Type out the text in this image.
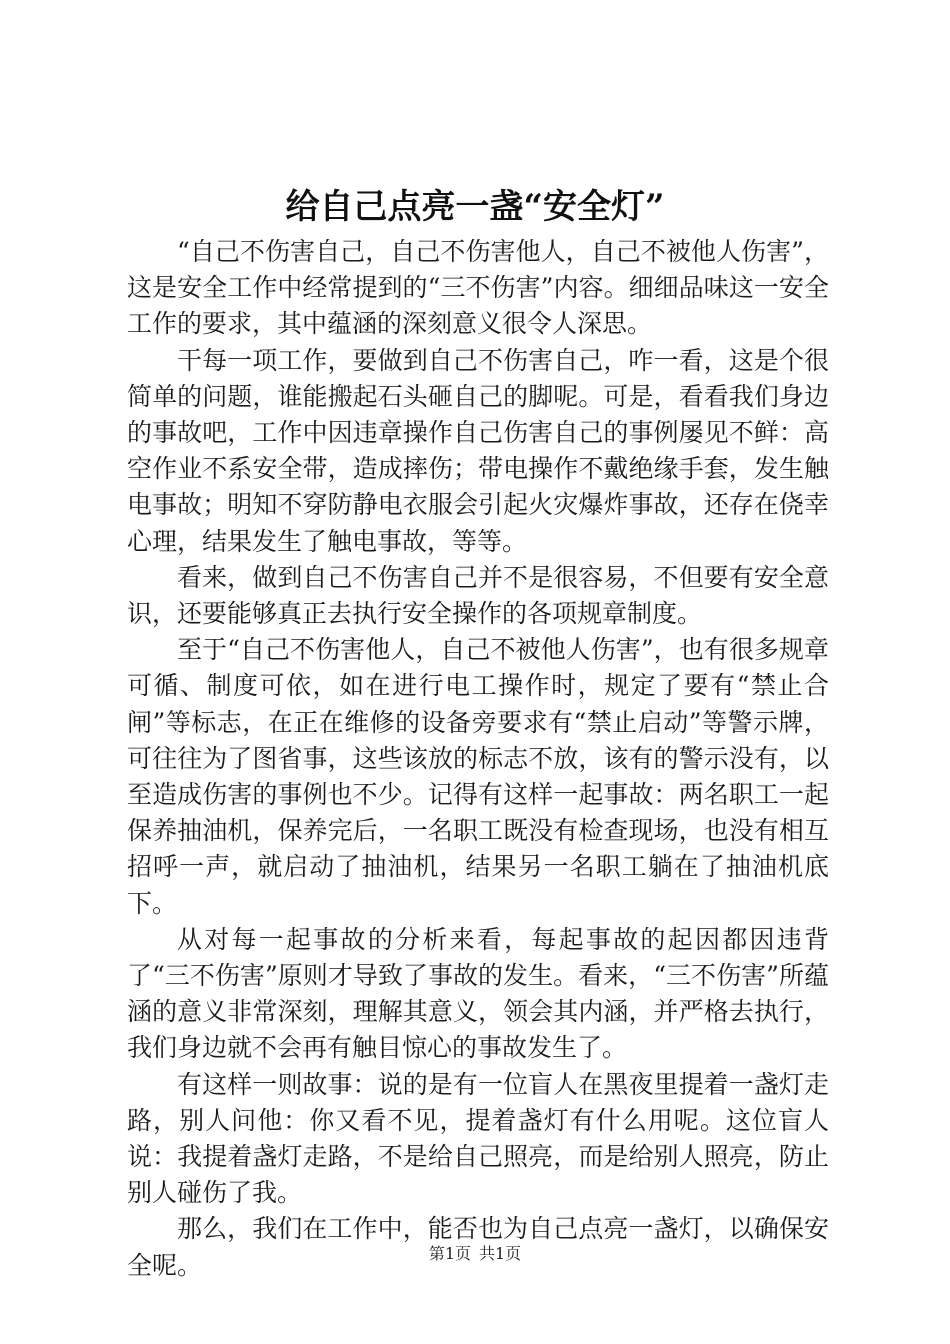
给自己点亮一盏“安全灯”

“自己不伤害自己，自己不伤害他人，自己不被他人伤害”，这是安全工作中经常提到的“三不伤害”内容。细细品味这一安全工作的要求，其中蕴涵的深刻意义很令人深思。

干每一项工作，要做到自己不伤害自己，咋一看，这是个很简单的问题，谁能搬起石头砸自己的脚呢。可是，看看我们身边的事故吧，工作中因违章操作自己伤害自己的事例屡见不鲜：高空作业不系安全带，造成摔伤；带电操作不戴绝缘手套，发生触电事故；明知不穿防静电衣服会引起火灾爆炸事故，还存在侥幸心理，结果发生了触电事故，等等。

看来，做到自己不伤害自己并不是很容易，不但要有安全意识，还要能够真正去执行安全操作的各项规章制度。

至于“自己不伤害他人，自己不被他人伤害”，也有很多规章可循、制度可依，如在进行电工操作时，规定了要有“禁止合闸”等标志，在正在维修的设备旁要求有“禁止启动”等警示牌，可往往为了图省事，这些该放的标志不放，该有的警示没有，以至造成伤害的事例也不少。记得有这样一起事故：两名职工一起保养抽油机，保养完后，一名职工既没有检查现场，也没有相互招呼一声，就启动了抽油机，结果另一名职工躺在了抽油机底下。

从对每一起事故的分析来看，每起事故的起因都因违背了“三不伤害”原则才导致了事故的发生。看来，“三不伤害”所蕴涵的意义非常深刻，理解其意义，领会其内涵，并严格去执行，我们身边就不会再有触目惊心的事故发生了。

有这样一则故事：说的是有一位盲人在黑夜里提着一盏灯走路，别人问他：你又看不见，提着盏灯有什么用呢。这位盲人说：我提着盏灯走路，不是给自己照亮，而是给别人照亮，防止别人碰伤了我。

那么，我们在工作中，能否也为自己点亮一盏灯，以确保安全呢。	第1页 共1页
